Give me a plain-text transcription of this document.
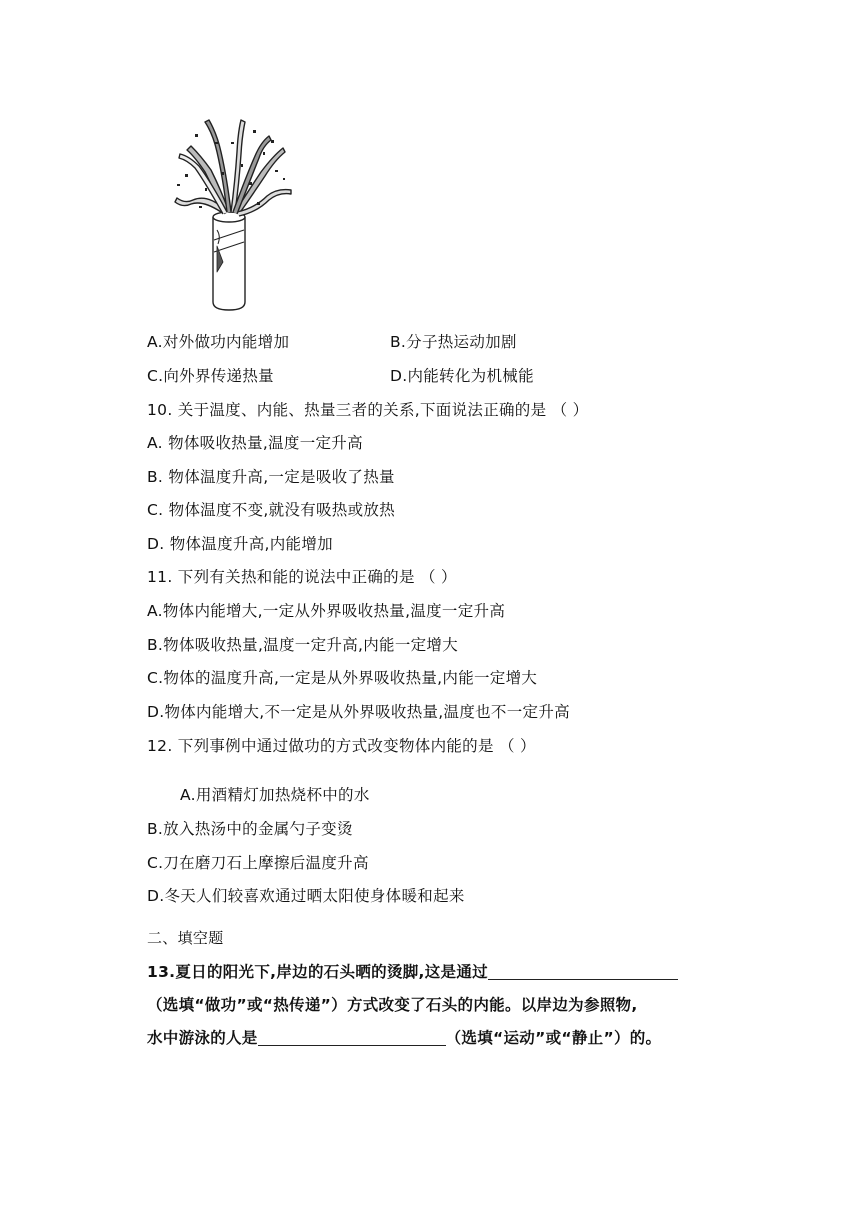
A.对外做功内能增加	B.分子热运动加剧
C.向外界传递热量	D.内能转化为机械能
10. 关于温度、内能、热量三者的关系,下面说法正确的是 （ ）
A. 物体吸收热量,温度一定升高
B. 物体温度升高,一定是吸收了热量
C. 物体温度不变,就没有吸热或放热
D. 物体温度升高,内能增加
11. 下列有关热和能的说法中正确的是 （ ）
A.物体内能增大,一定从外界吸收热量,温度一定升高
B.物体吸收热量,温度一定升高,内能一定增大
C.物体的温度升高,一定是从外界吸收热量,内能一定增大
D.物体内能增大,不一定是从外界吸收热量,温度也不一定升高
12. 下列事例中通过做功的方式改变物体内能的是 （ ）
A.用酒精灯加热烧杯中的水
B.放入热汤中的金属勺子变烫
C.刀在磨刀石上摩擦后温度升高
D.冬天人们较喜欢通过晒太阳使身体暖和起来
二、填空题
13.夏日的阳光下,岸边的石头晒的烫脚,这是通过
（选填“做功”或“热传递”）方式改变了石头的内能。以岸边为参照物,
水中游泳的人是	（选填“运动”或“静止”）的。
